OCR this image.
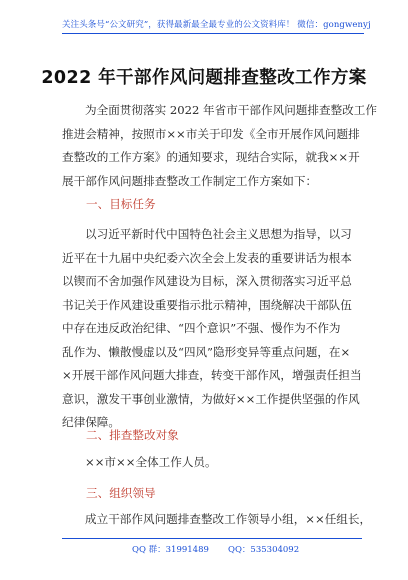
关注头条号“公文研究”，获得最新最全最专业的公文资料库！ 微信：gongwenyj
2022 年干部作风问题排查整改工作方案
为全面贯彻落实 2022 年省市干部作风问题排查整改工作
推进会精神，按照市××市关于印发《全市开展作风问题排
查整改的工作方案》的通知要求，现结合实际，就我××开
展干部作风问题排查整改工作制定工作方案如下：
一、目标任务
以习近平新时代中国特色社会主义思想为指导，以习
近平在十九届中央纪委六次全会上发表的重要讲话为根本
以锲而不舍加强作风建设为目标，深入贯彻落实习近平总
书记关于作风建设重要指示批示精神，围绕解决干部队伍
中存在违反政治纪律、“四个意识”不强、慢作为不作为
乱作为、懒散慢虚以及“四风”隐形变异等重点问题，在×
×开展干部作风问题大排查，转变干部作风，增强责任担当
意识，激发干事创业激情，为做好××工作提供坚强的作风
纪律保障。
二、排查整改对象
××市××全体工作人员。
三、组织领导
成立干部作风问题排查整改工作领导小组，××任组长，
QQ 群：31991489 QQ：535304092
